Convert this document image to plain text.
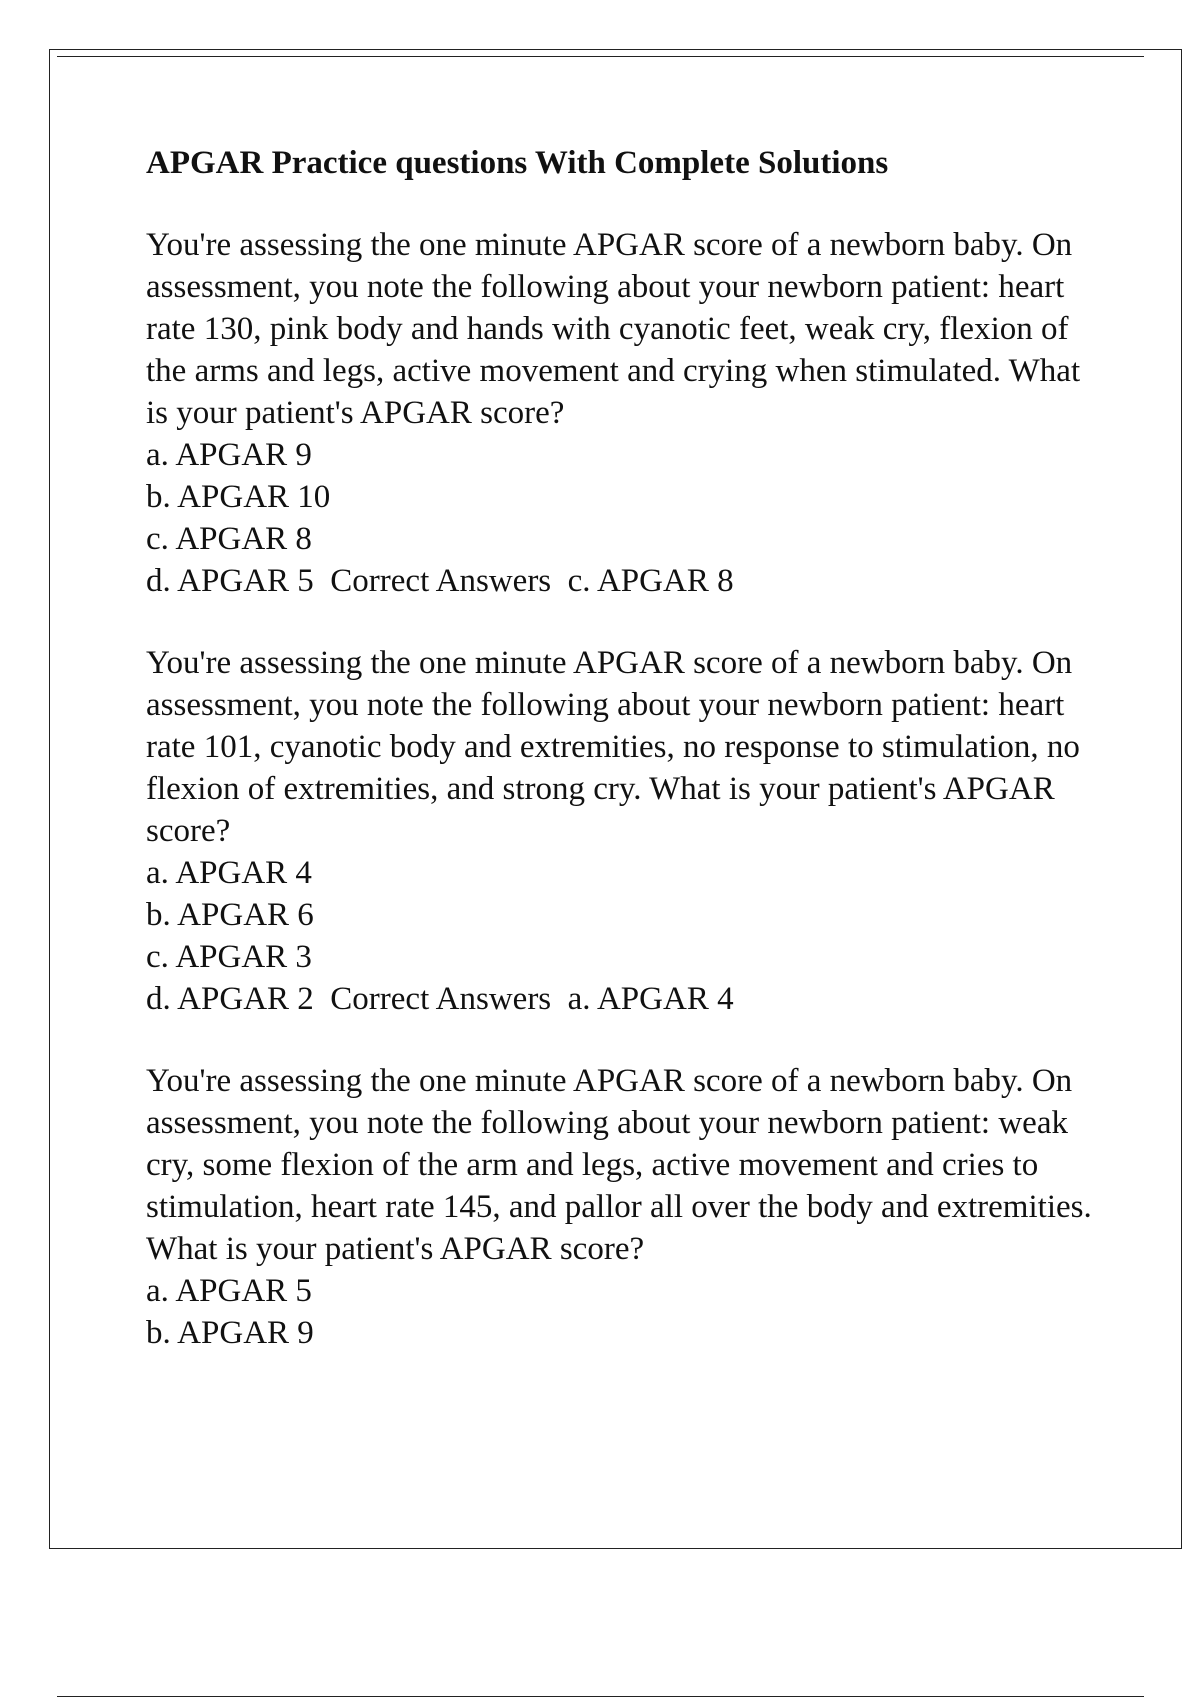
APGAR Practice questions With Complete Solutions

You're assessing the one minute APGAR score of a newborn baby. On assessment, you note the following about your newborn patient: heart rate 130, pink body and hands with cyanotic feet, weak cry, flexion of the arms and legs, active movement and crying when stimulated. What is your patient's APGAR score?

a. APGAR 9
b. APGAR 10
c. APGAR 8
d. APGAR 5  Correct Answers  c. APGAR 8

You're assessing the one minute APGAR score of a newborn baby. On assessment, you note the following about your newborn patient: heart rate 101, cyanotic body and extremities, no response to stimulation, no flexion of extremities, and strong cry. What is your patient's APGAR score?

a. APGAR 4
b. APGAR 6
c. APGAR 3
d. APGAR 2  Correct Answers  a. APGAR 4

You're assessing the one minute APGAR score of a newborn baby. On assessment, you note the following about your newborn patient: weak cry, some flexion of the arm and legs, active movement and cries to stimulation, heart rate 145, and pallor all over the body and extremities. What is your patient's APGAR score?

a. APGAR 5
b. APGAR 9
